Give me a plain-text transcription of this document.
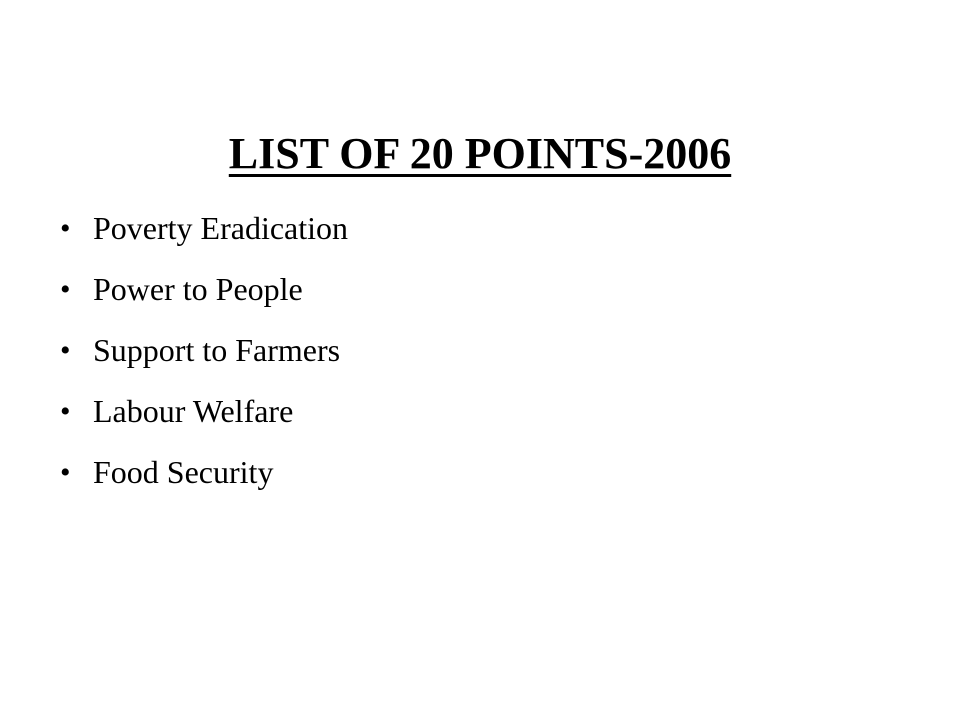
LIST OF 20 POINTS-2006
• Poverty Eradication
• Power to People
• Support to Farmers
• Labour Welfare
• Food Security
